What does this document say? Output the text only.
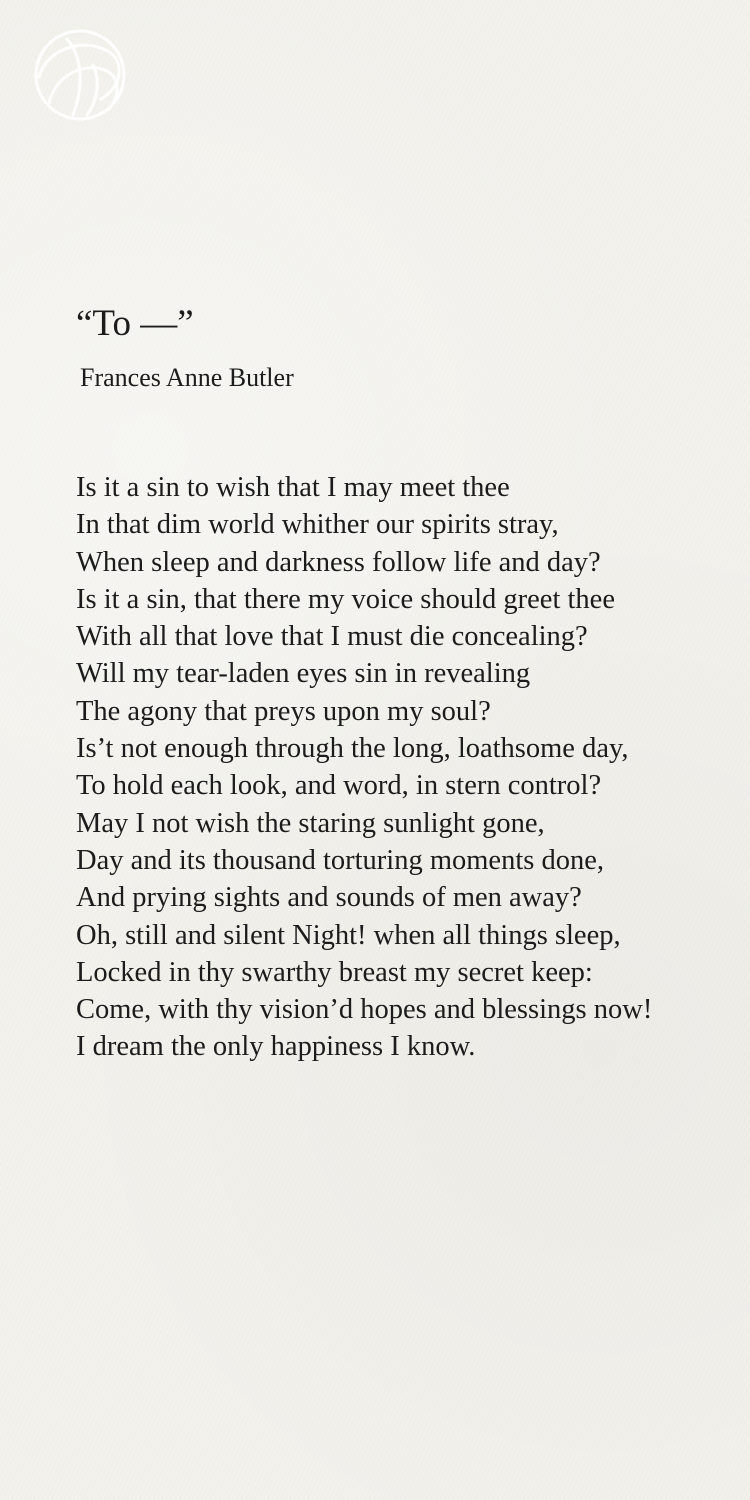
“To —”
Frances Anne Butler
Is it a sin to wish that I may meet thee
In that dim world whither our spirits stray,
When sleep and darkness follow life and day?
Is it a sin, that there my voice should greet thee
With all that love that I must die concealing?
Will my tear-laden eyes sin in revealing
The agony that preys upon my soul?
Is’t not enough through the long, loathsome day,
To hold each look, and word, in stern control?
May I not wish the staring sunlight gone,
Day and its thousand torturing moments done,
And prying sights and sounds of men away?
Oh, still and silent Night! when all things sleep,
Locked in thy swarthy breast my secret keep:
Come, with thy vision’d hopes and blessings now!
I dream the only happiness I know.
